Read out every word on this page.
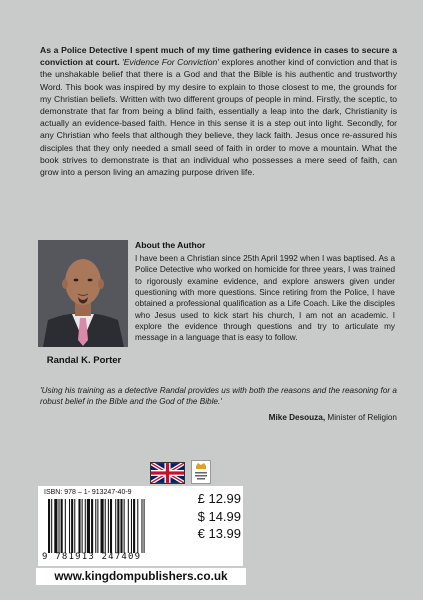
As a Police Detective I spent much of my time gathering evidence in cases to secure a conviction at court. 'Evidence For Conviction' explores another kind of conviction and that is the unshakable belief that there is a God and that the Bible is his authentic and trustworthy Word. This book was inspired by my desire to explain to those closest to me, the grounds for my Christian beliefs. Written with two different groups of people in mind. Firstly, the sceptic, to demonstrate that far from being a blind faith, essentially a leap into the dark, Christianity is actually an evidence-based faith. Hence in this sense it is a step out into light. Secondly, for any Christian who feels that although they believe, they lack faith. Jesus once re-assured his disciples that they only needed a small seed of faith in order to move a mountain. What the book strives to demonstrate is that an individual who possesses a mere seed of faith, can grow into a person living an amazing purpose driven life.
Randal K. Porter
About the Author
I have been a Christian since 25th April 1992 when I was baptised. As a Police Detective who worked on homicide for three years, I was trained to rigorously examine evidence, and explore answers given under questioning with more questions. Since retiring from the Police, I have obtained a professional qualification as a Life Coach. Like the disciples who Jesus used to kick start his church, I am not an academic. I explore the evidence through questions and try to articulate my message in a language that is easy to follow.
'Using his training as a detective Randal provides us with both the reasons and the reasoning for a robust belief in the Bible and the God of the Bible.'
Mike Desouza, Minister of Religion
ISBN: 978 – 1- 913247-40-9
9 781913 247409
£ 12.99
$ 14.99
€ 13.99
www.kingdompublishers.co.uk
